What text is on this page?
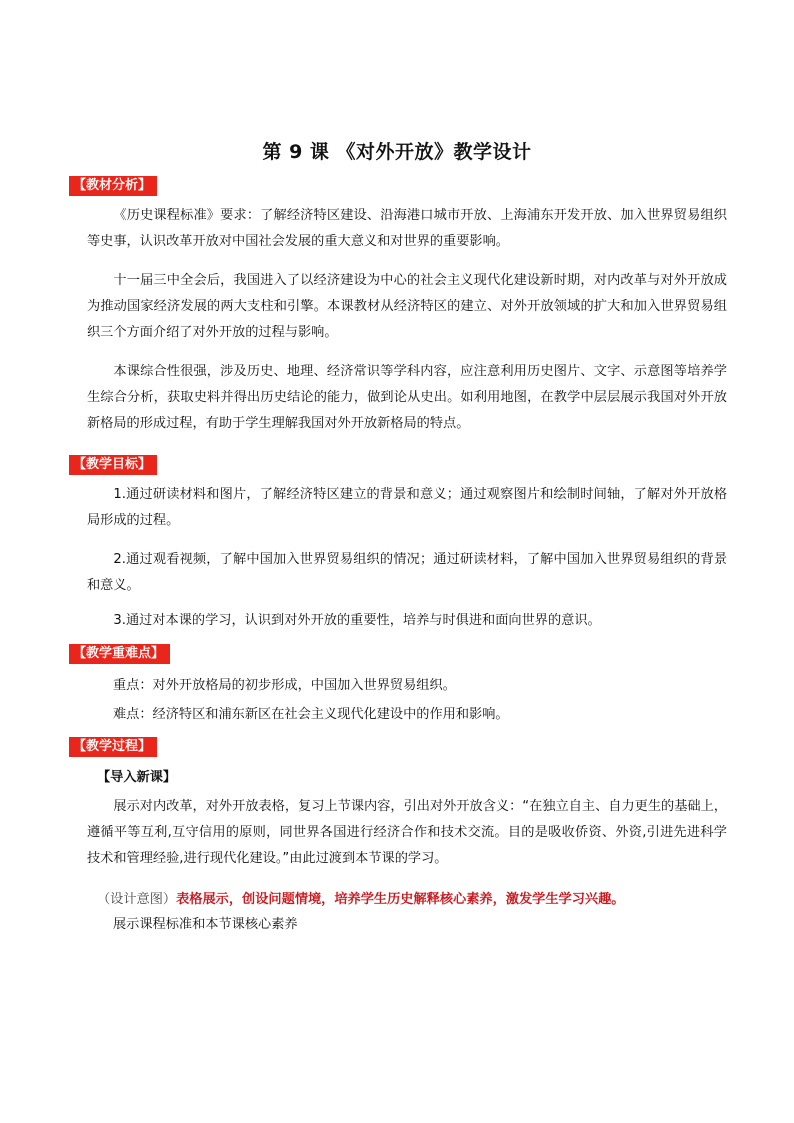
第 9 课 《对外开放》教学设计
【教材分析】
《历史课程标准》要求：了解经济特区建设、沿海港口城市开放、上海浦东开发开放、加入世界贸易组织等史事，认识改革开放对中国社会发展的重大意义和对世界的重要影响。
十一届三中全会后，我国进入了以经济建设为中心的社会主义现代化建设新时期，对内改革与对外开放成为推动国家经济发展的两大支柱和引擎。本课教材从经济特区的建立、对外开放领域的扩大和加入世界贸易组织三个方面介绍了对外开放的过程与影响。
本课综合性很强，涉及历史、地理、经济常识等学科内容，应注意利用历史图片、文字、示意图等培养学生综合分析，获取史料并得出历史结论的能力，做到论从史出。如利用地图，在教学中层层展示我国对外开放新格局的形成过程，有助于学生理解我国对外开放新格局的特点。
【教学目标】
1.通过研读材料和图片，了解经济特区建立的背景和意义；通过观察图片和绘制时间轴，了解对外开放格局形成的过程。
2.通过观看视频，了解中国加入世界贸易组织的情况；通过研读材料，了解中国加入世界贸易组织的背景和意义。
3.通过对本课的学习，认识到对外开放的重要性，培养与时俱进和面向世界的意识。
【教学重难点】
重点：对外开放格局的初步形成，中国加入世界贸易组织。
难点：经济特区和浦东新区在社会主义现代化建设中的作用和影响。
【教学过程】
【导入新课】
展示对内改革，对外开放表格，复习上节课内容，引出对外开放含义：“在独立自主、自力更生的基础上，遵循平等互利,互守信用的原则，同世界各国进行经济合作和技术交流。目的是吸收侨资、外资,引进先进科学技术和管理经验,进行现代化建设。”由此过渡到本节课的学习。
（设计意图）表格展示，创设问题情境，培养学生历史解释核心素养，激发学生学习兴趣。
展示课程标准和本节课核心素养
